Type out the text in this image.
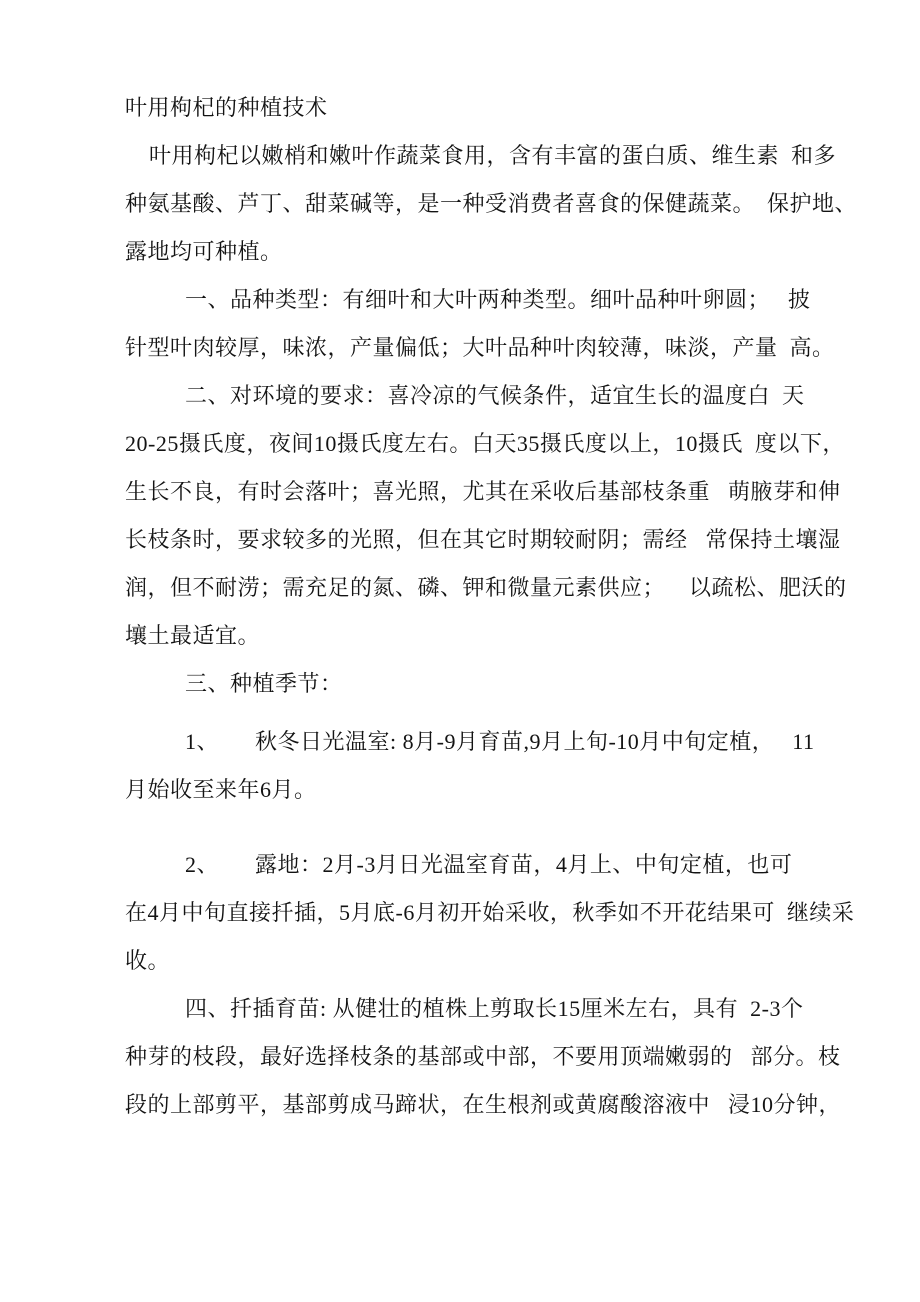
叶用枸杞的种植技术
叶用枸杞以嫩梢和嫩叶作蔬菜食用，含有丰富的蛋白质、维生素  和多
种氨基酸、芦丁、甜菜碱等，是一种受消费者喜食的保健蔬菜。  保护地、
露地均可种植。
一、品种类型：有细叶和大叶两种类型。细叶品种叶卵圆；   披
针型叶肉较厚，味浓，产量偏低；大叶品种叶肉较薄，味淡，产量  高。
二、对环境的要求：喜冷凉的气候条件，适宜生长的温度白  天
20-25摄氏度，夜间10摄氏度左右。白天35摄氏度以上，10摄氏  度以下，
生长不良，有时会落叶；喜光照，尤其在采收后基部枝条重   萌腋芽和伸
长枝条时，要求较多的光照，但在其它时期较耐阴；需经   常保持土壤湿
润，但不耐涝；需充足的氮、磷、钾和微量元素供应；    以疏松、肥沃的
壤土最适宜。
三、种植季节：
1、      秋冬日光温室: 8月-9月育苗,9月上旬-10月中旬定植，   11
月始收至来年6月。
2、      露地：2月-3月日光温室育苗，4月上、中旬定植，也可
在4月中旬直接扦插，5月底-6月初开始采收，秋季如不开花结果可  继续采
收。
四、扦插育苗: 从健壮的植株上剪取长15厘米左右，具有  2-3个
种芽的枝段，最好选择枝条的基部或中部，不要用顶端嫩弱的   部分。枝
段的上部剪平，基部剪成马蹄状，在生根剂或黄腐酸溶液中   浸10分钟，
